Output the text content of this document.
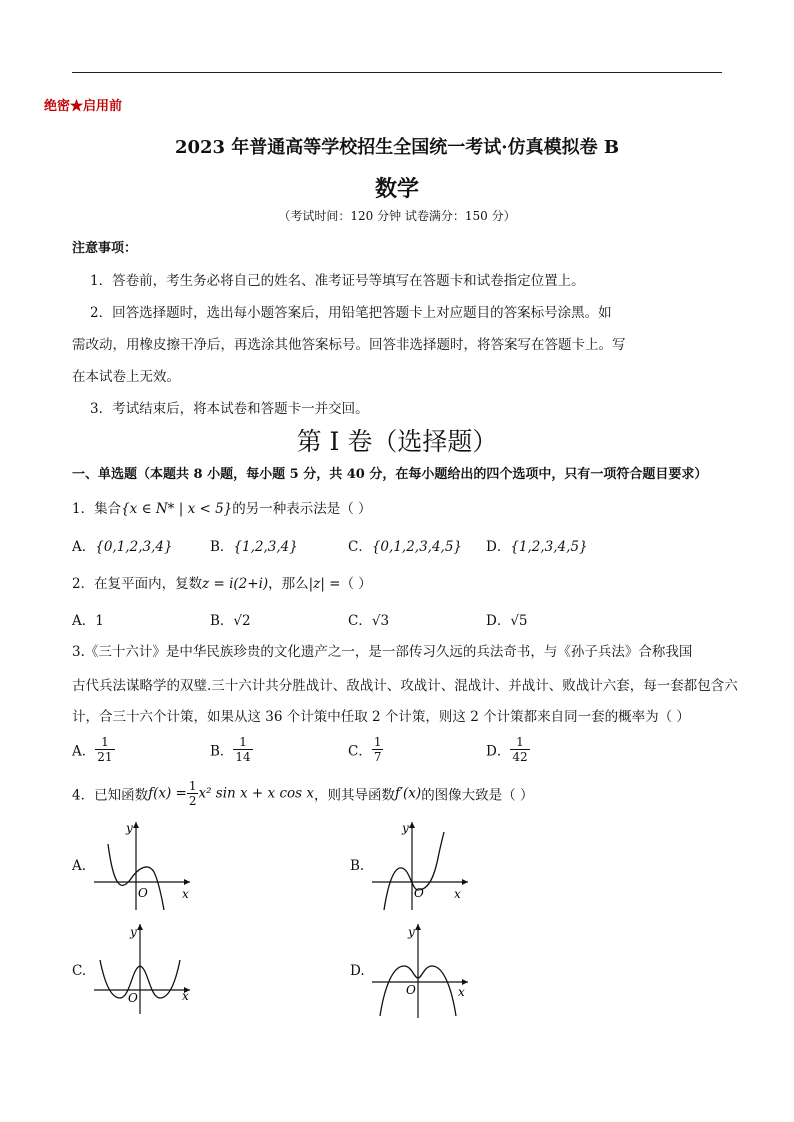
绝密★启用前
2023 年普通高等学校招生全国统一考试·仿真模拟卷 B
数学
（考试时间：120 分钟 试卷满分：150 分）
注意事项：
1．答卷前，考生务必将自己的姓名、准考证号等填写在答题卡和试卷指定位置上。
2．回答选择题时，选出每小题答案后，用铅笔把答题卡上对应题目的答案标号涂黑。如
需改动，用橡皮擦干净后，再选涂其他答案标号。回答非选择题时，将答案写在答题卡上。写
在本试卷上无效。
3．考试结束后，将本试卷和答题卡一并交回。
第 I 卷（选择题）
一、单选题（本题共 8 小题，每小题 5 分，共 40 分，在每小题给出的四个选项中，只有一项符合题目要求）
1．集合{x ∈ N* | x < 5}的另一种表示法是（ ）
A．{0,1,2,3,4}	B．{1,2,3,4}	C．{0,1,2,3,4,5} D．{1,2,3,4,5}
2．在复平面内，复数z = i(2+i)，那么|z| =（ ）
A．1	B．√2	C．√3	D．√5
3.《三十六计》是中华民族珍贵的文化遗产之一，是一部传习久远的兵法奇书，与《孙子兵法》合称我国
古代兵法谋略学的双璧.三十六计共分胜战计、敌战计、攻战计、混战计、并战计、败战计六套，每一套都包含六
计，合三十六个计策，如果从这 36 个计策中任取 2 个计策，则这 2 个计策都来自同一套的概率为（ ）
A． $\frac{1}{21}$	B． $\frac{1}{14}$	C． $\frac{1}{7}$	D． $\frac{1}{42}$
4．已知函数$f(x) = \frac{1}{2} x^2$ sin x + x cos x，则其导函数f′(x)的图像大致是（ ）
A.
y
x
O
B.
y
x
O
C.
y
x
O
D.
y
x
O
